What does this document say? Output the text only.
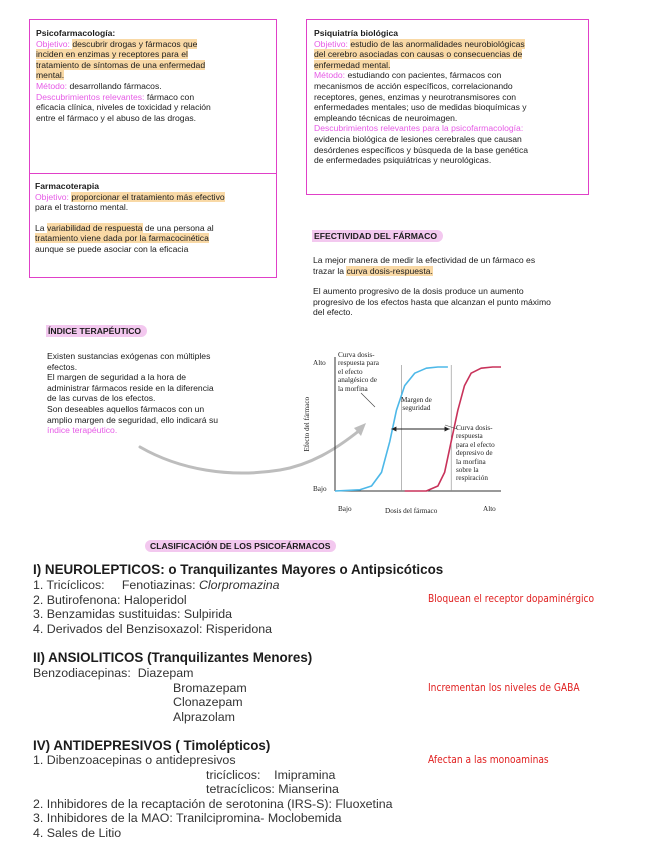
Psicofarmacología:
Objetivo: descubrir drogas y fármacos que
inciden en enzimas y receptores para el
tratamiento de síntomas de una enfermedad
mental.
Método: desarrollando fármacos.
Descubrimientos relevantes: fármaco con
eficacia clínica, niveles de toxicidad y relación
entre el fármaco y el abuso de las drogas.
Psiquiatría biológica
Objetivo: estudio de las anormalidades neurobiológicas
del cerebro asociadas con causas o consecuencias de
enfermedad mental.
Método: estudiando con pacientes, fármacos con
mecanismos de acción específicos, correlacionando
receptores, genes, enzimas y neurotransmisores con
enfermedades mentales; uso de medidas bioquímicas y
empleando técnicas de neuroimagen.
Descubrimientos relevantes para la psicofarmacología:
evidencia biológica de lesiones cerebrales que causan
desórdenes específicos y búsqueda de la base genética
de enfermedades psiquiátricas y neurológicas.
Farmacoterapia
Objetivo: proporcionar el tratamiento más efectivo
para el trastorno mental.
La variabilidad de respuesta de una persona al
tratamiento viene dada por la farmacocinética
aunque se puede asociar con la eficacia
EFECTIVIDAD DEL FÁRMACO
La mejor manera de medir la efectividad de un fármaco es
trazar la curva dosis-respuesta.
El aumento progresivo de la dosis produce un aumento
progresivo de los efectos hasta que alcanzan el punto máximo
del efecto.
ÍNDICE TERAPÉUTICO
Existen sustancias exógenas con múltiples
efectos.
El margen de seguridad a la hora de
administrar fármacos reside en la diferencia
de las curvas de los efectos.
Son deseables aquellos fármacos con un
amplio margen de seguridad, ello indicará su
índice terapéutico.
Alto
Bajo
Efecto del fármaco
Bajo	Alto
Dosis del fármaco
Curva dosis-
respuesta para
el efecto
analgésico de
la morfina
Margen de
seguridad
Curva dosis-
respuesta
para el efecto
depresivo de
la morfina
sobre la
respiración
CLASIFICACIÓN DE LOS PSICOFÁRMACOS
I) NEUROLEPTICOS: o Tranquilizantes Mayores o Antipsicóticos
1. Tricíclicos: Fenotiazinas: Clorpromazina
2. Butirofenona: Haloperidol
3. Benzamidas sustituidas: Sulpirida
4. Derivados del Benzisoxazol: Risperidona
Bloquean el receptor dopaminérgico
II) ANSIOLITICOS (Tranquilizantes Menores)
Benzodiacepinas:  Diazepam
Bromazepam
Clonazepam
Alprazolam
Incrementan los niveles de GABA
IV) ANTIDEPRESIVOS ( Timolépticos)
1. Dibenzoacepinas o antidepresivos
tricíclicos: Imipramina
tetracíclicos: Mianserina
2. Inhibidores de la recaptación de serotonina (IRS-S): Fluoxetina
3. Inhibidores de la MAO: Tranilcipromina- Moclobemida
4. Sales de Litio
Afectan a las monoaminas
